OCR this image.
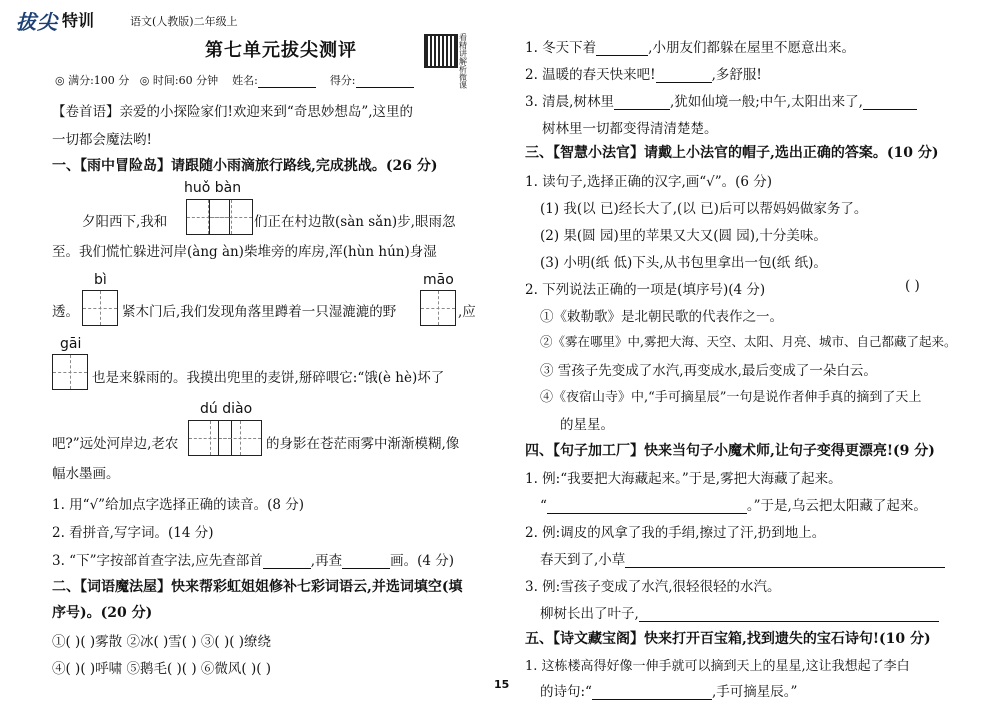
拔尖 特训	语文(人教版)二年级上
第七单元拔尖测评
看精讲解析微课
◎ 满分:100 分 ◎ 时间:60 分钟 姓名:	得分:
【卷首语】亲爱的小探险家们!欢迎来到“奇思妙想岛”,这里的
一切都会魔法哟!
一、【雨中冒险岛】请跟随小雨滴旅行路线,完成挑战。(26 分)
huǒ bàn
夕阳西下,我和	们正在村边散(sàn sǎn)步,眼雨忽
至。我们慌忙躲进河岸(àng àn)柴堆旁的库房,浑(hùn hún)身湿
bì	māo
透。	紧木门后,我们发现角落里蹲着一只湿漉漉的野	,应
gāi
也是来躲雨的。我摸出兜里的麦饼,掰碎喂它:“饿(è hè)坏了
dú diào
吧?”远处河岸边,老农	的身影在苍茫雨雾中渐渐模糊,像
幅水墨画。
1. 用“√”给加点字选择正确的读音。(8 分)
2. 看拼音,写字词。(14 分)
3. “下”字按部首查字法,应先查部首	,再查	画。(4 分)
二、【词语魔法屋】快来帮彩虹姐姐修补七彩词语云,并选词填空(填
序号)。(20 分)
①( )( )雾散 ②冰( )雪( ) ③( )( )缭绕
④( )( )呼啸 ⑤鹅毛( )( ) ⑥微风( )( )
1. 冬天下着	,小朋友们都躲在屋里不愿意出来。
2. 温暖的春天快来吧!	,多舒服!
3. 清晨,树林里	,犹如仙境一般;中午,太阳出来了,
树林里一切都变得清清楚楚。
三、【智慧小法官】请戴上小法官的帽子,选出正确的答案。(10 分)
1. 读句子,选择正确的汉字,画“√”。(6 分)
(1) 我(以 已)经长大了,(以 已)后可以帮妈妈做家务了。
(2) 果(圆 园)里的苹果又大又(圆 园),十分美味。
(3) 小明(纸 低)下头,从书包里拿出一包(纸 纸)。
2. 下列说法正确的一项是(填序号)(4 分)	( )
①《敕勒歌》是北朝民歌的代表作之一。
②《雾在哪里》中,雾把大海、天空、太阳、月亮、城市、自己都藏了起来。
③ 雪孩子先变成了水汽,再变成水,最后变成了一朵白云。
④《夜宿山寺》中,“手可摘星辰”一句是说作者伸手真的摘到了天上
的星星。
四、【句子加工厂】快来当句子小魔术师,让句子变得更漂亮!(9 分)
1. 例:“我要把大海藏起来。”于是,雾把大海藏了起来。
“	。”于是,乌云把太阳藏了起来。
2. 例:调皮的风拿了我的手绢,擦过了汗,扔到地上。
春天到了,小草
3. 例:雪孩子变成了水汽,很轻很轻的水汽。
柳树长出了叶子,
五、【诗文藏宝阁】快来打开百宝箱,找到遗失的宝石诗句!(10 分)
1. 这栋楼高得好像一伸手就可以摘到天上的星星,这让我想起了李白
的诗句:“	,手可摘星辰。”
15
